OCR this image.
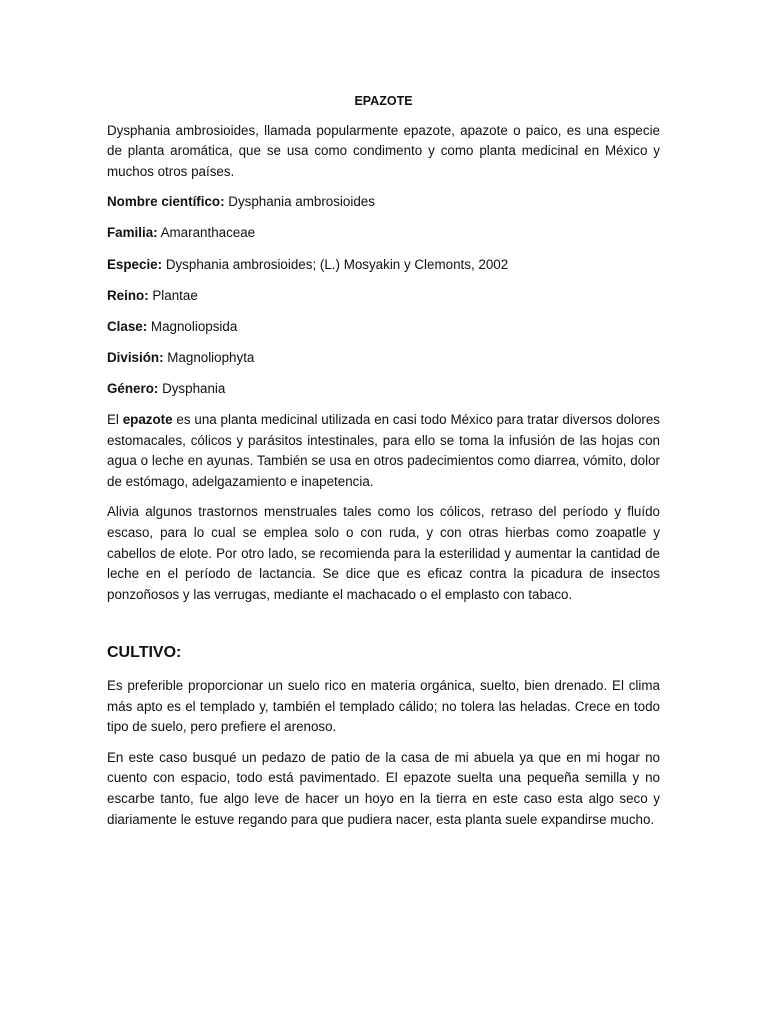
EPAZOTE

Dysphania ambrosioides, llamada popularmente epazote, apazote o paico, es una especie de planta aromática, que se usa como condimento y como planta medicinal en México y muchos otros países.

Nombre científico: Dysphania ambrosioides
Familia: Amaranthaceae
Especie: Dysphania ambrosioides; (L.) Mosyakin y Clemonts, 2002
Reino: Plantae
Clase: Magnoliopsida
División: Magnoliophyta
Género: Dysphania

El epazote es una planta medicinal utilizada en casi todo México para tratar diversos dolores estomacales, cólicos y parásitos intestinales, para ello se toma la infusión de las hojas con agua o leche en ayunas. También se usa en otros padecimientos como diarrea, vómito, dolor de estómago, adelgazamiento e inapetencia.

Alivia algunos trastornos menstruales tales como los cólicos, retraso del período y fluído escaso, para lo cual se emplea solo o con ruda, y con otras hierbas como zoapatle y cabellos de elote. Por otro lado, se recomienda para la esterilidad y aumentar la cantidad de leche en el período de lactancia. Se dice que es eficaz contra la picadura de insectos ponzoñosos y las verrugas, mediante el machacado o el emplasto con tabaco.

CULTIVO:

Es preferible proporcionar un suelo rico en materia orgánica, suelto, bien drenado. El clima más apto es el templado y, también el templado cálido; no tolera las heladas. Crece en todo tipo de suelo, pero prefiere el arenoso.

En este caso busqué un pedazo de patio de la casa de mi abuela ya que en mi hogar no cuento con espacio, todo está pavimentado. El epazote suelta una pequeña semilla y no escarbe tanto, fue algo leve de hacer un hoyo en la tierra en este caso esta algo seco y diariamente le estuve regando para que pudiera nacer, esta planta suele expandirse mucho.
